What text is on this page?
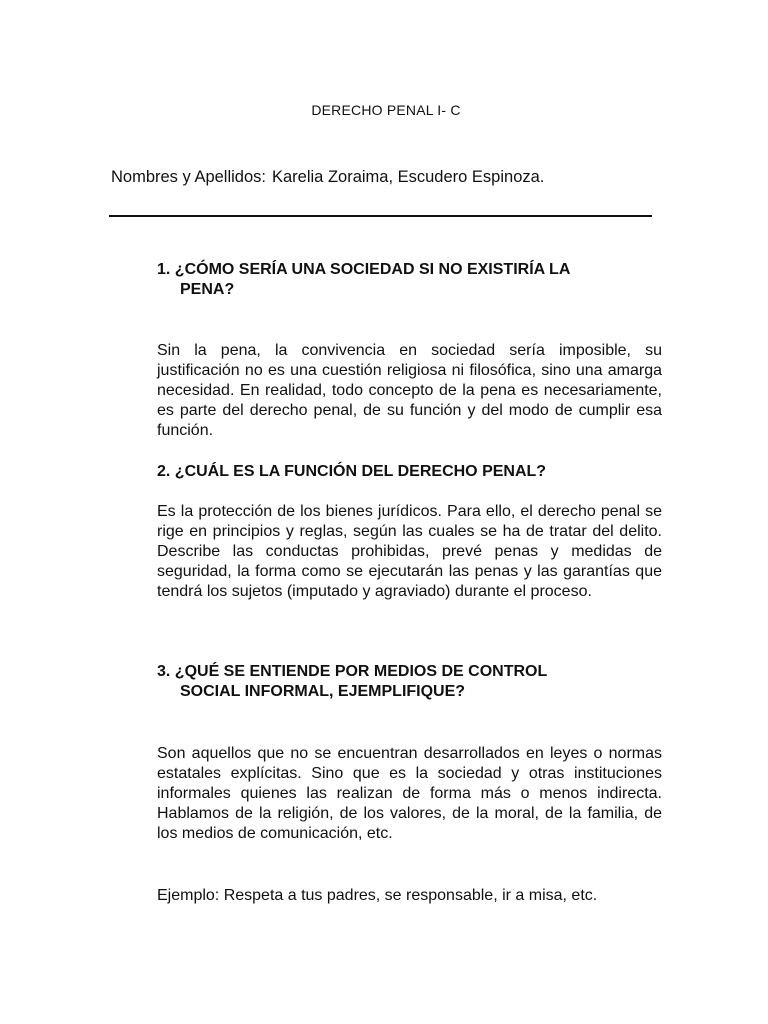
DERECHO PENAL I- C
Nombres y Apellidos: Karelia Zoraima, Escudero Espinoza.
1. ¿CÓMO SERÍA UNA SOCIEDAD SI NO EXISTIRÍA LA
PENA?
Sin la pena, la convivencia en sociedad sería imposible, su justificación no es una cuestión religiosa ni filosófica, sino una amarga necesidad. En realidad, todo concepto de la pena es necesariamente, es parte del derecho penal, de su función y del modo de cumplir esa función.
2. ¿CUÁL ES LA FUNCIÓN DEL DERECHO PENAL?
Es la protección de los bienes jurídicos. Para ello, el derecho penal se rige en principios y reglas, según las cuales se ha de tratar del delito. Describe las conductas prohibidas, prevé penas y medidas de seguridad, la forma como se ejecutarán las penas y las garantías que tendrá los sujetos (imputado y agraviado) durante el proceso.
3. ¿QUÉ SE ENTIENDE POR MEDIOS DE CONTROL
SOCIAL INFORMAL, EJEMPLIFIQUE?
Son aquellos que no se encuentran desarrollados en leyes o normas estatales explícitas. Sino que es la sociedad y otras instituciones informales quienes las realizan de forma más o menos indirecta. Hablamos de la religión, de los valores, de la moral, de la familia, de los medios de comunicación, etc.
Ejemplo: Respeta a tus padres, se responsable, ir a misa, etc.
